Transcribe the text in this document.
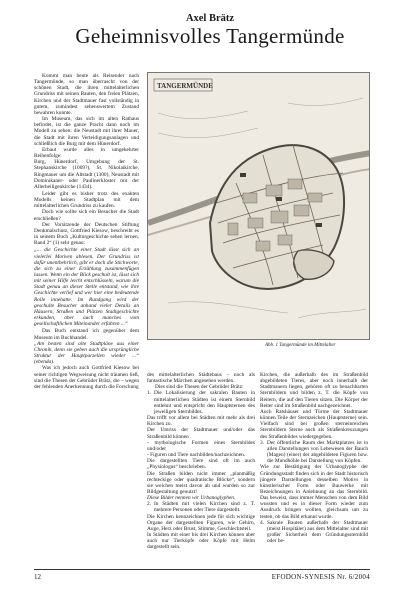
Axel Brätz
Geheimnisvolles Tangermünde

Kommt man heute als Reisender nach Tangermünde, so man überrascht von der schönen Stadt, die ihren mittelalterlichen Grundriss mit seinen Bauten, den freien Plätzen, Kirchen und der Stadtmauer fast vollständig in gutem, zumindest sehenswertem Zustand bewahren konnte.

Im Museum, das sich im alten Rathaus befindet, ist die ganze Pracht dann noch im Modell zu sehen: die Neustadt mit ihrer Mauer, die Stadt mit ihren Verteidigungsanlagen und schließlich die Burg mit dem Hünerdorf.

Erbaut wurde alles in umgekehrter Reihenfolge:

Burg, Hünerdorf, Umgebung der St. Stephanskirche (1009?), St. Nikolaikirche, Ringmauer um die Altstadt (1300), Neustadt mit Dominikaner- oder Paulinerkloster mit der Allerheiligenkirche (1434).

Leider gibt es bisher trotz des exakten Modells keinen Stadtplan mit dem mittelalterlichen Grundriss zu kaufen.

Doch wie sollte sich ein Besucher die Stadt erschließen?

Der Vorsitzende der Deutschen Stiftung Denkmalschutz, Gottfried Kiesow, beschreibt es in seinem Buch „Kulturgeschichte sehen lernen, Band 2“ (1) sehr genau:

„... die Geschichte einer Stadt lässt sich an vielerlei Motiven ablesen. Der Grundriss ist dafür unentbehrlich, gibt er doch die Stichworte, die sich zu einer Erzählung zusammenfügen lassen. Wenn ein der Blick geschult ist, lässt sich mit seiner Hilfe leicht entschlüsseln, warum die Stadt genau an dieser Stelle entstand, wie ihre Geschichte verlief und wer hier eine bedeutende Rolle innehatte. Im Rundgang wird der geschulte Besucher anhand vieler Details an Häusern, Straßen und Plätzen Stadtgeschichte erkunden, aber auch manches vom gesellschaftlichen Miteinander erfahren ...“

Das Buch entstand ich gegenüber dem Museum im Buchhandel.

„Am besten sind alte Stadtpläne aus einer Chronik, denn sie geben auch die ursprüngliche Struktur der Hauptparzellen wieder ...“ (ebenda).

Was ich jedoch auch Gottfried Kiesow bei seiner richtigen Wegweisung nicht träumen ließ, sind die Thesen der Gebrüder Brätz, die – wegen der fehlenden Anerkennung durch die Forschung

TANGERMÜNDE
Abb. 1 Tangermünde im Mittelalter

des mittelalterlichen Städtebaus – noch als fantastische Märchen angesehen werden.

Dies sind die Thesen der Gebrüder Brätz:

1. Die Lokalisierung der sakralen Bauten in mittelalterlichen Städten ist einem Sternbild entlehnt und entspricht den Hauptsternen des jeweiligen Sternbildes.

Das trifft vor allem bei Städten mit mehr als drei Kirchen zu.

Der Umriss der Stadtmauer und/oder das Straßenbild können

- mythologische Formen eines Sternbildes und/oder

- Figuren und Tiere nachbilden/nachzeichnen.

Die dargestellten Tiere sind oft im auch „Physiologus“ beschrieben.

Die Straßen bilden nicht immer „planmäßig rechteckige oder quadratische Blöcke“, sondern sie weichen meist davon ab und wurden so zur Bildgestaltung genutzt!

Diese Bilder nennen wir Urbanoglyphen.

2. In Städten mit vielen Kirchen sind z. T. mehrere Personen oder Tiere dargestellt.

Die Kirchen kennzeichnen jede für sich wichtige Organe der dargestellten Figuren, wie Gehirn, Auge, Herz oder Brust, Stimme, Geschlechtsteil.

In Städten mit einer bis drei Kirchen können aber auch nur Tierköpfe oder Köpfe mit Helm dargestellt sein.

Kirchen, die außerhalb des im Straßenbild abgebildeten Tieres, aber noch innerhalb der Stadtmauern liegen, gehören oft zu benachbarten Sternbildern und bilden z. T. die Köpfe von Reitern, die auf den Tieren sitzen. Die Körper der Reiter sind im Straßenbild nachgezeichnet.

Auch Ratshäuser und Türme der Stadtmauer können Teile der Sternzeichen (Hauptsterne) sein. Vielfach sind bei großen sterneinreichen Sternbildern Sterne auch als Straßenkreuzungen des Straßenbildes wiedergegeben.

3. Der öffentliche Raum des Marktplatzes ist in allen Darstellungen von Lebewesen der Bauch (Magen) (einer) der abgebildeten Figuren bzw. die Mundhöhle bei Darstellung von Köpfen.

Wie zur Bestätigung der Urbanoglyphe der Gründungsstadt finden sich in der Stadt historisch jüngere Darstellungen desselben Motivs in künstlerischer Form oder Bauwerke mit Bezeichnungen in Anlehnung an das Sternbild. Das beweist, dass immer Menschen von dem Bild wussten und es in dieser Form wieder zum Ausdruck bringen wollten, gleichsam um zu testen, ob das Bild erkannt wurde.

4. Sakrale Bauten außerhalb der Stadtmauer (meist Hospitäler) aus dem Mittelalter sind mit großer Sicherheit dem Gründungssternbild oder be-
12	EFODON-SYNESIS Nr. 6/2004
